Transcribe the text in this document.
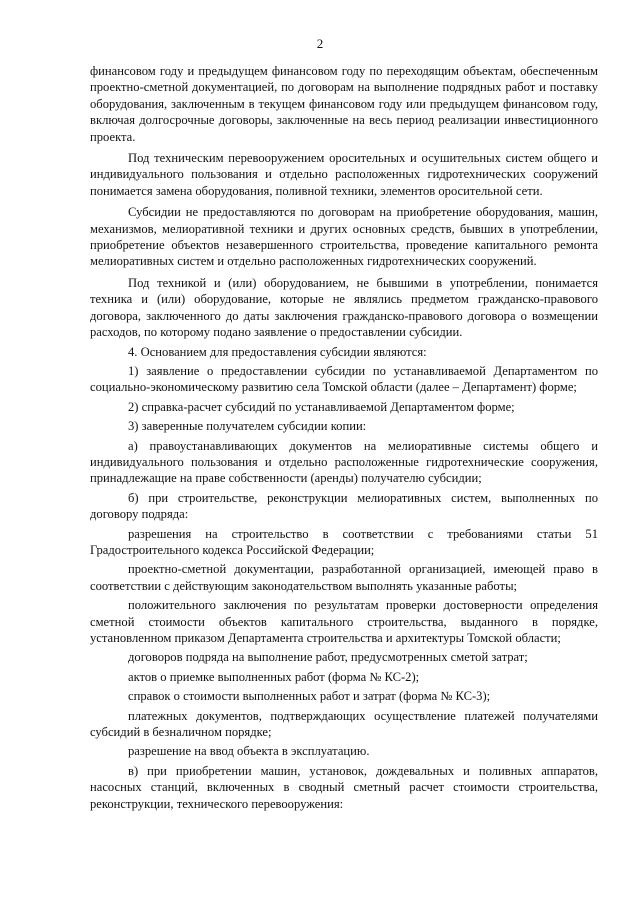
2

финансовом году и предыдущем финансовом году по переходящим объектам, обеспеченным проектно-сметной документацией, по договорам на выполнение подрядных работ и поставку оборудования, заключенным в текущем финансовом году или предыдущем финансовом году, включая долгосрочные договоры, заключенные на весь период реализации инвестиционного проекта.

Под техническим перевооружением оросительных и осушительных систем общего и индивидуального пользования и отдельно расположенных гидротехнических сооружений понимается замена оборудования, поливной техники, элементов оросительной сети.

Субсидии не предоставляются по договорам на приобретение оборудования, машин, механизмов, мелиоративной техники и других основных средств, бывших в употреблении, приобретение объектов незавершенного строительства, проведение капитального ремонта мелиоративных систем и отдельно расположенных гидротехнических сооружений.

Под техникой и (или) оборудованием, не бывшими в употреблении, понимается техника и (или) оборудование, которые не являлись предметом гражданско-правового договора, заключенного до даты заключения гражданско-правового договора о возмещении расходов, по которому подано заявление о предоставлении субсидии.

4. Основанием для предоставления субсидии являются:

1) заявление о предоставлении субсидии по устанавливаемой Департаментом по социально-экономическому развитию села Томской области (далее – Департамент) форме;

2) справка-расчет субсидий по устанавливаемой Департаментом форме;

3) заверенные получателем субсидии копии:

а) правоустанавливающих документов на мелиоративные системы общего и индивидуального пользования и отдельно расположенные гидротехнические сооружения, принадлежащие на праве собственности (аренды) получателю субсидии;

б) при строительстве, реконструкции мелиоративных систем, выполненных по договору подряда:

разрешения на строительство в соответствии с требованиями статьи 51 Градостроительного кодекса Российской Федерации;

проектно-сметной документации, разработанной организацией, имеющей право в соответствии с действующим законодательством выполнять указанные работы;

положительного заключения по результатам проверки достоверности определения сметной стоимости объектов капитального строительства, выданного в порядке, установленном приказом Департамента строительства и архитектуры Томской области;

договоров подряда на выполнение работ, предусмотренных сметой затрат;

актов о приемке выполненных работ (форма № КС-2);

справок о стоимости выполненных работ и затрат (форма № КС-3);

платежных документов, подтверждающих осуществление платежей получателями субсидий в безналичном порядке;

разрешение на ввод объекта в эксплуатацию.

в) при приобретении машин, установок, дождевальных и поливных аппаратов, насосных станций, включенных в сводный сметный расчет стоимости строительства, реконструкции, технического перевооружения:
